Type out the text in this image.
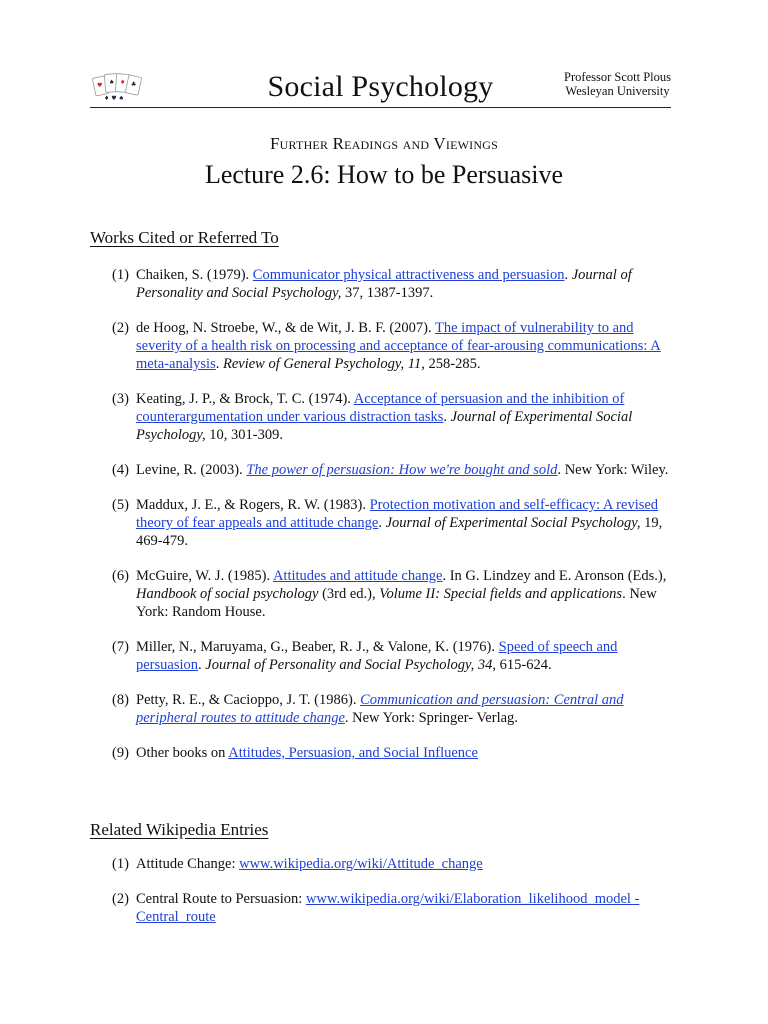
♥ ♠ ♦ ♣
♦ ♥ ♠	Social Psychology	Professor Scott Plous
Wesleyan University
Further Readings and Viewings
Lecture 2.6: How to be Persuasive
Works Cited or Referred To
(1) Chaiken, S. (1979). Communicator physical attractiveness and persuasion. Journal of Personality and Social Psychology, 37, 1387-1397.
(2) de Hoog, N. Stroebe, W., & de Wit, J. B. F. (2007). The impact of vulnerability to and severity of a health risk on processing and acceptance of fear-arousing communications: A meta-analysis. Review of General Psychology, 11, 258-285.
(3) Keating, J. P., & Brock, T. C. (1974). Acceptance of persuasion and the inhibition of counterargumentation under various distraction tasks. Journal of Experimental Social Psychology, 10, 301-309.
(4) Levine, R. (2003). The power of persuasion: How we're bought and sold. New York: Wiley.
(5) Maddux, J. E., & Rogers, R. W. (1983). Protection motivation and self-efficacy: A revised theory of fear appeals and attitude change. Journal of Experimental Social Psychology, 19, 469-479.
(6) McGuire, W. J. (1985). Attitudes and attitude change. In G. Lindzey and E. Aronson (Eds.), Handbook of social psychology (3rd ed.), Volume II: Special fields and applications. New York: Random House.
(7) Miller, N., Maruyama, G., Beaber, R. J., & Valone, K. (1976). Speed of speech and persuasion. Journal of Personality and Social Psychology, 34, 615-624.
(8) Petty, R. E., & Cacioppo, J. T. (1986). Communication and persuasion: Central and peripheral routes to attitude change. New York: Springer- Verlag.
(9) Other books on Attitudes, Persuasion, and Social Influence
Related Wikipedia Entries
(1) Attitude Change: www.wikipedia.org/wiki/Attitude_change
(2) Central Route to Persuasion: www.wikipedia.org/wiki/Elaboration_likelihood_model - Central_route
